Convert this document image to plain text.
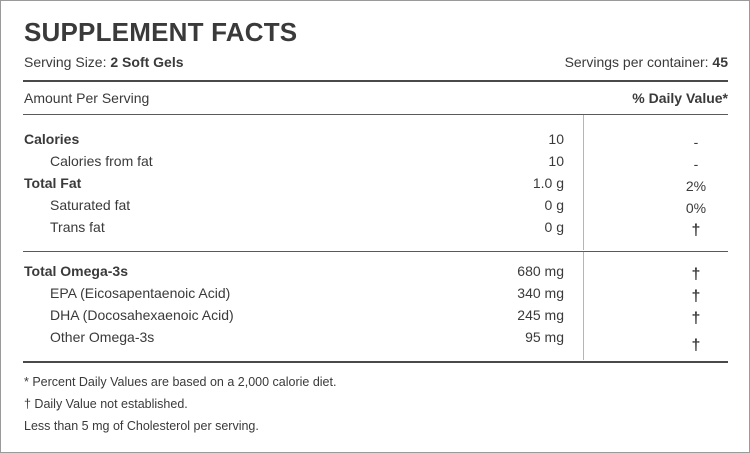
SUPPLEMENT FACTS
Serving Size: 2 Soft Gels	Servings per container: 45
Amount Per Serving	% Daily Value*
Calories	10	-
Calories from fat	10	-
Total Fat	1.0 g	2%
Saturated fat	0 g	0%
Trans fat	0 g	†
Total Omega-3s	680 mg	†
EPA (Eicosapentaenoic Acid)	340 mg	†
DHA (Docosahexaenoic Acid)	245 mg	†
Other Omega-3s	95 mg	†
* Percent Daily Values are based on a 2,000 calorie diet.
† Daily Value not established.
Less than 5 mg of Cholesterol per serving.
